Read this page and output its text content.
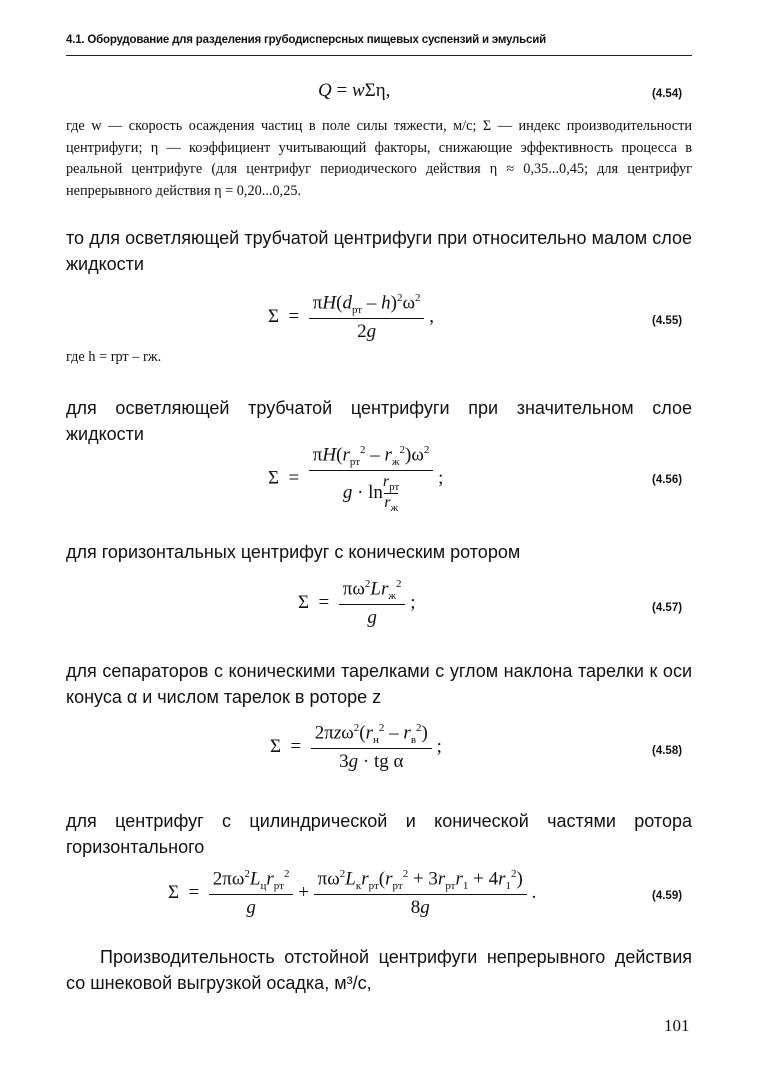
4.1. Оборудование для разделения грубодисперсных пищевых суспензий и эмульсий
Q = wΣη,	(4.54)

где w — скорость осаждения частиц в поле силы тяжести, м/с; Σ — индекс производительности центрифуги; η — коэффициент учитывающий факторы, снижающие эффективность процесса в реальной центрифуге (для центрифуг периодического действия η ≈ 0,35...0,45; для центрифуг непрерывного действия η = 0,20...0,25.

то для осветляющей трубчатой центрифуги при относительно малом слое жидкости

$\Sigma = \frac{\pi H(d_{рт} - h)^2\omega^2}{2g}$ ,	(4.55)
где h = rрт – rж.

для осветляющей трубчатой центрифуги при значительном слое жидкости

$\Sigma = \frac{\pi H(r_{рт}^2 - r_ж^2)\omega^2}{g \cdot \ln \frac{r_{рт}}{r_ж}}$ ;	(4.56)

для горизонтальных центрифуг с коническим ротором

$\Sigma = \frac{\pi\omega^2Lr_ж^2}{g}$ ;	(4.57)

для сепараторов с коническими тарелками с углом наклона тарелки к оси конуса α и числом тарелок в роторе z

$\Sigma = \frac{2\pi z\omega^2(r_н^2 - r_в^2)}{\text{3g · tg α}}$ ;	(4.58)

для центрифуг с цилиндрической и конической частями ротора горизонтального

$\Sigma = \frac{2\pi\omega^2L_цr_{рт}^2}{g} + \frac{\pi\omega^2L_кr_{рт}(r_{рт}^2 + 3r_{рт}r_1 + 4r_1^2)}{8g}$ .	(4.59)

Производительность отстойной центрифуги непрерывного действия со шнековой выгрузкой осадка, м³/с,

101
